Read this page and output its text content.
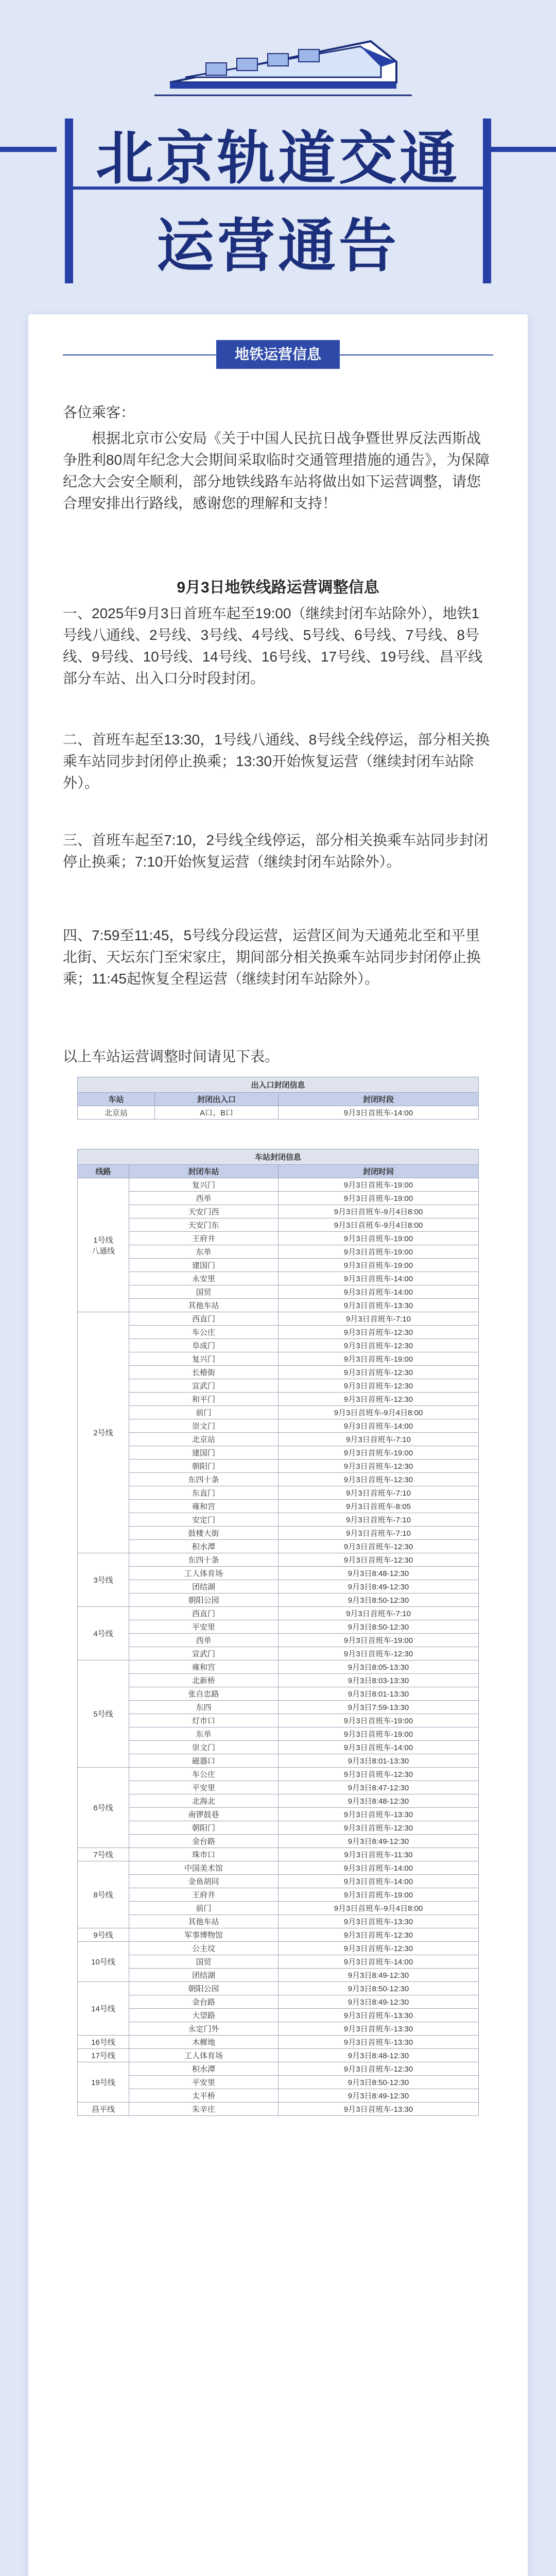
北京轨道交通
运营通告
地铁运营信息
各位乘客：
根据北京市公安局《关于中国人民抗日战争暨世界反法西斯战争胜利80周年纪念大会期间采取临时交通管理措施的通告》，为保障纪念大会安全顺利，部分地铁线路车站将做出如下运营调整，请您合理安排出行路线，感谢您的理解和支持！
9月3日地铁线路运营调整信息
一、2025年9月3日首班车起至19:00（继续封闭车站除外），地铁1号线八通线、2号线、3号线、4号线、5号线、6号线、7号线、8号线、9号线、10号线、14号线、16号线、17号线、19号线、昌平线部分车站、出入口分时段封闭。
二、首班车起至13:30，1号线八通线、8号线全线停运，部分相关换乘车站同步封闭停止换乘；13:30开始恢复运营（继续封闭车站除外）。
三、首班车起至7:10，2号线全线停运，部分相关换乘车站同步封闭停止换乘；7:10开始恢复运营（继续封闭车站除外）。
四、7:59至11:45，5号线分段运营，运营区间为天通苑北至和平里北街、天坛东门至宋家庄，期间部分相关换乘车站同步封闭停止换乘；11:45起恢复全程运营（继续封闭车站除外）。
以上车站运营调整时间请见下表。
出入口封闭信息		
车站	封闭出入口	封闭时段
北京站	A口、B口	9月3日首班车-14:00
车站封闭信息		
线路	封闭车站	封闭时间
1号线
八通线	复兴门	9月3日首班车-19:00
	西单	9月3日首班车-19:00
	天安门西	9月3日首班车-9月4日8:00
	天安门东	9月3日首班车-9月4日8:00
	王府井	9月3日首班车-19:00
	东单	9月3日首班车-19:00
	建国门	9月3日首班车-19:00
	永安里	9月3日首班车-14:00
	国贸	9月3日首班车-14:00
	其他车站	9月3日首班车-13:30
2号线	西直门	9月3日首班车-7:10
	车公庄	9月3日首班车-12:30
	阜成门	9月3日首班车-12:30
	复兴门	9月3日首班车-19:00
	长椿街	9月3日首班车-12:30
	宣武门	9月3日首班车-12:30
	和平门	9月3日首班车-12:30
	前门	9月3日首班车-9月4日8:00
	崇文门	9月3日首班车-14:00
	北京站	9月3日首班车-7:10
	建国门	9月3日首班车-19:00
	朝阳门	9月3日首班车-12:30
	东四十条	9月3日首班车-12:30
	东直门	9月3日首班车-7:10
	雍和宫	9月3日首班车-8:05
	安定门	9月3日首班车-7:10
	鼓楼大街	9月3日首班车-7:10
	积水潭	9月3日首班车-12:30
3号线	东四十条	9月3日首班车-12:30
	工人体育场	9月3日8:48-12:30
	团结湖	9月3日8:49-12:30
	朝阳公园	9月3日8:50-12:30
4号线	西直门	9月3日首班车-7:10
	平安里	9月3日8:50-12:30
	西单	9月3日首班车-19:00
	宣武门	9月3日首班车-12:30
5号线	雍和宫	9月3日8:05-13:30
	北新桥	9月3日8:03-13:30
	张自忠路	9月3日8:01-13:30
	东四	9月3日7:59-13:30
	灯市口	9月3日首班车-19:00
	东单	9月3日首班车-19:00
	崇文门	9月3日首班车-14:00
	磁器口	9月3日8:01-13:30
6号线	车公庄	9月3日首班车-12:30
	平安里	9月3日8:47-12:30
	北海北	9月3日8:48-12:30
	南锣鼓巷	9月3日首班车-13:30
	朝阳门	9月3日首班车-12:30
	金台路	9月3日8:49-12:30
7号线	珠市口	9月3日首班车-11:30
8号线	中国美术馆	9月3日首班车-14:00
	金鱼胡同	9月3日首班车-14:00
	王府井	9月3日首班车-19:00
	前门	9月3日首班车-9月4日8:00
	其他车站	9月3日首班车-13:30
9号线	军事博物馆	9月3日首班车-12:30
10号线	公主坟	9月3日首班车-12:30
	国贸	9月3日首班车-14:00
	团结湖	9月3日8:49-12:30
14号线	朝阳公园	9月3日8:50-12:30
	金台路	9月3日8:49-12:30
	大望路	9月3日首班车-13:30
	永定门外	9月3日首班车-13:30
16号线	木樨地	9月3日首班车-13:30
17号线	工人体育场	9月3日8:48-12:30
19号线	积水潭	9月3日首班车-12:30
	平安里	9月3日8:50-12:30
	太平桥	9月3日8:49-12:30
昌平线	朱辛庄	9月3日首班车-13:30
